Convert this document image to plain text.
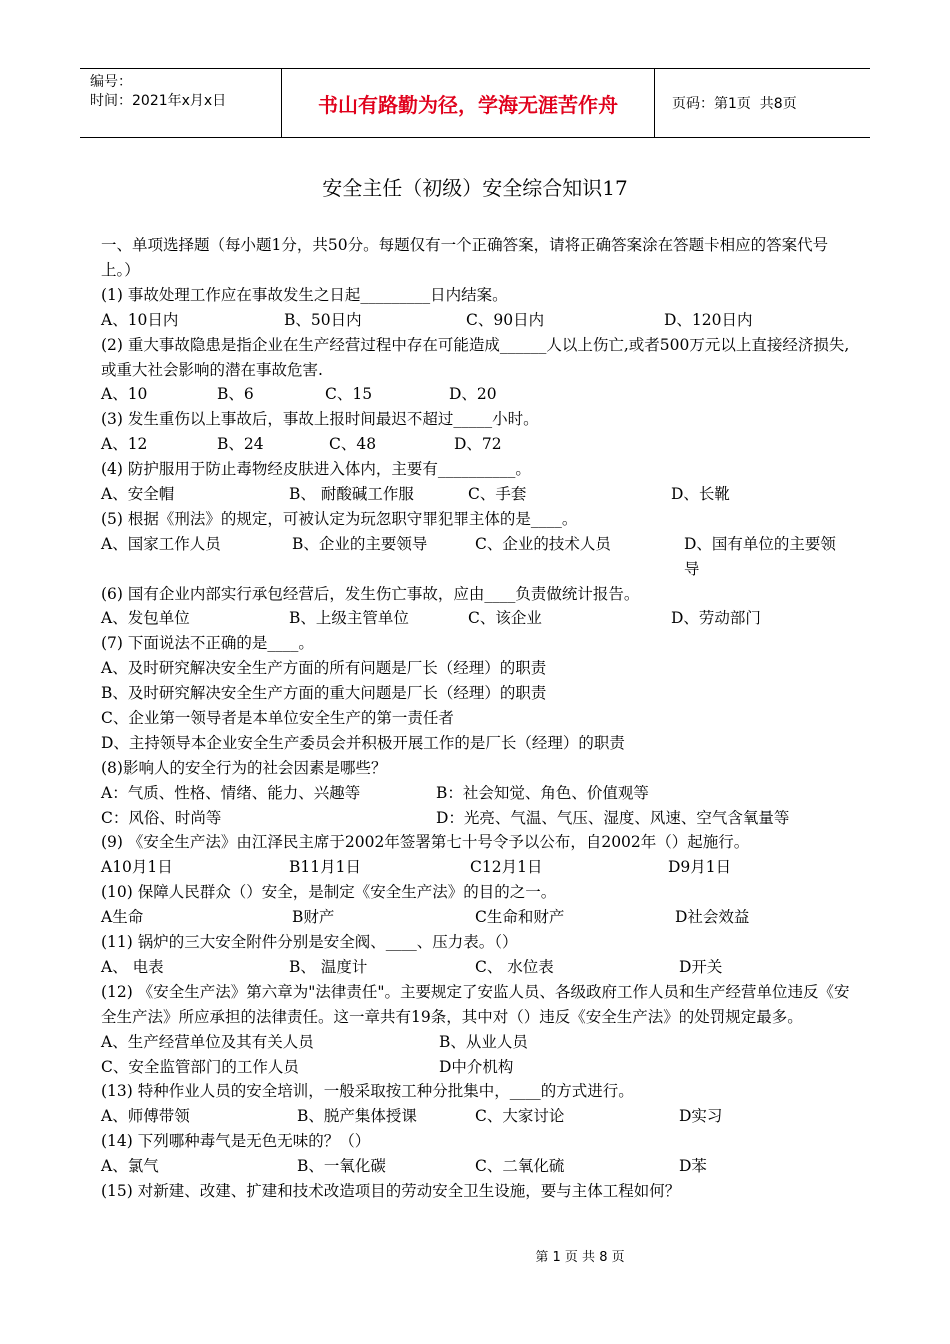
编号：
时间：2021年x月x日	书山有路勤为径，学海无涯苦作舟	页码：第1页  共8页
安全主任（初级）安全综合知识17
一、单项选择题（每小题1分，共50分。每题仅有一个正确答案，请将正确答案涂在答题卡相应的答案代号上。）
(1) 事故处理工作应在事故发生之日起_________日内结案。
A、10日内	B、50日内	C、90日内	D、120日内
(2) 重大事故隐患是指企业在生产经营过程中存在可能造成______人以上伤亡,或者500万元以上直接经济损失,或重大社会影响的潜在事故危害.
A、10	B、6	C、15	D、20
(3) 发生重伤以上事故后，事故上报时间最迟不超过_____小时。
A、12	B、24	C、48	D、72
(4) 防护服用于防止毒物经皮肤进入体内，主要有__________。
A、安全帽	B、 耐酸碱工作服	C、手套	D、长靴
(5) 根据《刑法》的规定，可被认定为玩忽职守罪犯罪主体的是____。
A、国家工作人员	B、企业的主要领导	C、企业的技术人员	D、国有单位的主要领导
(6) 国有企业内部实行承包经营后，发生伤亡事故，应由____负责做统计报告。
A、发包单位	B、上级主管单位	C、该企业	D、劳动部门
(7) 下面说法不正确的是____。
A、及时研究解决安全生产方面的所有问题是厂长（经理）的职责
B、及时研究解决安全生产方面的重大问题是厂长（经理）的职责
C、企业第一领导者是本单位安全生产的第一责任者
D、主持领导本企业安全生产委员会并积极开展工作的是厂长（经理）的职责
(8)影响人的安全行为的社会因素是哪些？
A：气质、性格、情绪、能力、兴趣等	B：社会知觉、角色、价值观等
C：风俗、时尚等	D：光亮、气温、气压、湿度、风速、空气含氧量等
(9) 《安全生产法》由江泽民主席于2002年签署第七十号令予以公布，自2002年（）起施行。
A10月1日	B11月1日	C12月1日	D9月1日
(10) 保障人民群众（）安全，是制定《安全生产法》的目的之一。
A生命	B财产	C生命和财产	D社会效益
(11) 锅炉的三大安全附件分别是安全阀、____、压力表。（）
A、 电表	B、 温度计	C、 水位表	D开关
(12) 《安全生产法》第六章为"法律责任"。主要规定了安监人员、各级政府工作人员和生产经营单位违反《安全生产法》所应承担的法律责任。这一章共有19条，其中对（）违反《安全生产法》的处罚规定最多。
A、生产经营单位及其有关人员	B、从业人员
C、安全监管部门的工作人员	D中介机构
(13) 特种作业人员的安全培训，一般采取按工种分批集中，____的方式进行。
A、师傅带领	B、脱产集体授课	C、大家讨论	D实习
(14) 下列哪种毒气是无色无味的？（）
A、氯气	B、一氧化碳	C、二氧化硫	D苯
(15) 对新建、改建、扩建和技术改造项目的劳动安全卫生设施，要与主体工程如何？
第 1 页 共 8 页
